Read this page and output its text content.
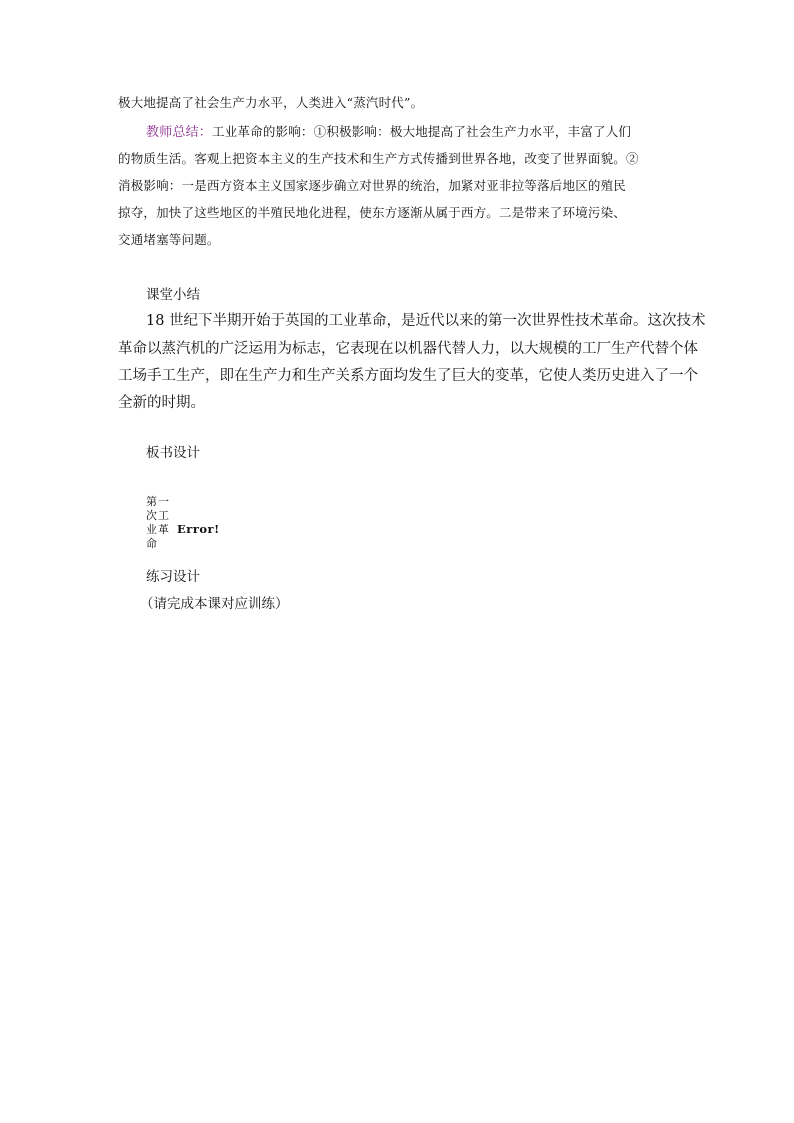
极大地提高了社会生产力水平，人类进入“蒸汽时代”。
教师总结：工业革命的影响：①积极影响：极大地提高了社会生产力水平，丰富了人们
的物质生活。客观上把资本主义的生产技术和生产方式传播到世界各地，改变了世界面貌。②
消极影响：一是西方资本主义国家逐步确立对世界的统治，加紧对亚非拉等落后地区的殖民
掠夺，加快了这些地区的半殖民地化进程，使东方逐渐从属于西方。二是带来了环境污染、
交通堵塞等问题。
课堂小结
18 世纪下半期开始于英国的工业革命，是近代以来的第一次世界性技术革命。这次技术
革命以蒸汽机的广泛运用为标志，它表现在以机器代替人力，以大规模的工厂生产代替个体
工场手工生产，即在生产力和生产关系方面均发生了巨大的变革，它使人类历史进入了一个
全新的时期。
板书设计
第一
次工
业革
命
Error!
练习设计
（请完成本课对应训练）
